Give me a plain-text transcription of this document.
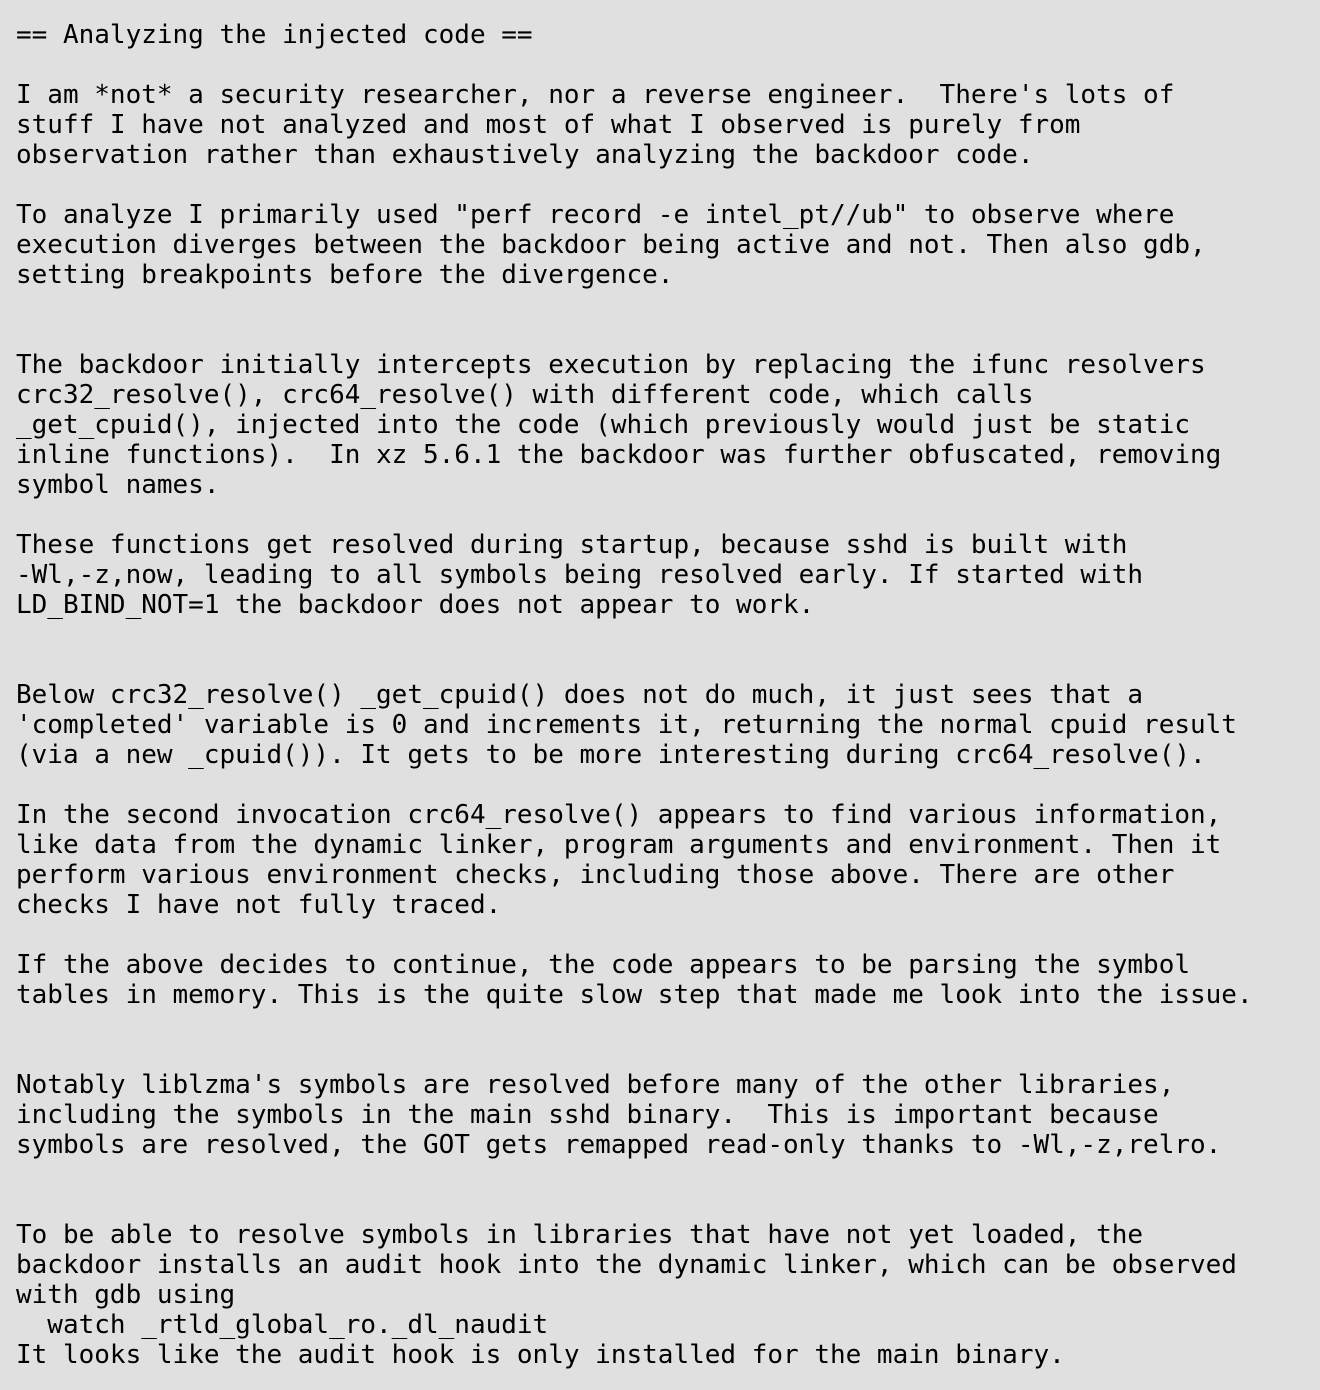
== Analyzing the injected code ==

I am *not* a security researcher, nor a reverse engineer.  There's lots of
stuff I have not analyzed and most of what I observed is purely from
observation rather than exhaustively analyzing the backdoor code.

To analyze I primarily used "perf record -e intel_pt//ub" to observe where
execution diverges between the backdoor being active and not. Then also gdb,
setting breakpoints before the divergence.

The backdoor initially intercepts execution by replacing the ifunc resolvers
crc32_resolve(), crc64_resolve() with different code, which calls
_get_cpuid(), injected into the code (which previously would just be static
inline functions).  In xz 5.6.1 the backdoor was further obfuscated, removing
symbol names.

These functions get resolved during startup, because sshd is built with
-Wl,-z,now, leading to all symbols being resolved early. If started with
LD_BIND_NOT=1 the backdoor does not appear to work.

Below crc32_resolve() _get_cpuid() does not do much, it just sees that a
'completed' variable is 0 and increments it, returning the normal cpuid result
(via a new _cpuid()). It gets to be more interesting during crc64_resolve().

In the second invocation crc64_resolve() appears to find various information,
like data from the dynamic linker, program arguments and environment. Then it
perform various environment checks, including those above. There are other
checks I have not fully traced.

If the above decides to continue, the code appears to be parsing the symbol
tables in memory. This is the quite slow step that made me look into the issue.

Notably liblzma's symbols are resolved before many of the other libraries,
including the symbols in the main sshd binary.  This is important because
symbols are resolved, the GOT gets remapped read-only thanks to -Wl,-z,relro.

To be able to resolve symbols in libraries that have not yet loaded, the
backdoor installs an audit hook into the dynamic linker, which can be observed
with gdb using
watch _rtld_global_ro._dl_naudit
It looks like the audit hook is only installed for the main binary.
